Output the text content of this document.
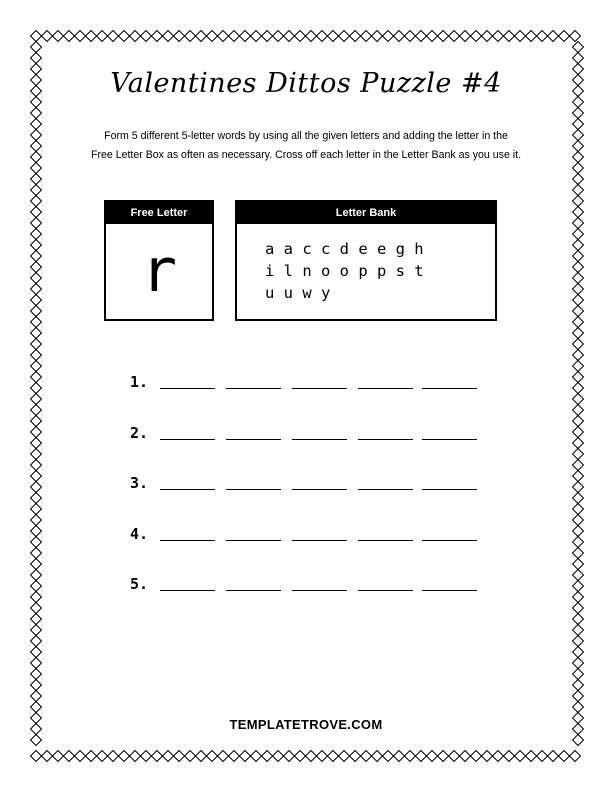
Valentines Dittos Puzzle #4
Form 5 different 5-letter words by using all the given letters and adding the letter in the
Free Letter Box as often as necessary. Cross off each letter in the Letter Bank as you use it.
Free Letter
r
Letter Bank
a a c c d e e g h
i l n o o p p s t
u u w y
1.
2.
3.
4.
5.
TEMPLATETROVE.COM
